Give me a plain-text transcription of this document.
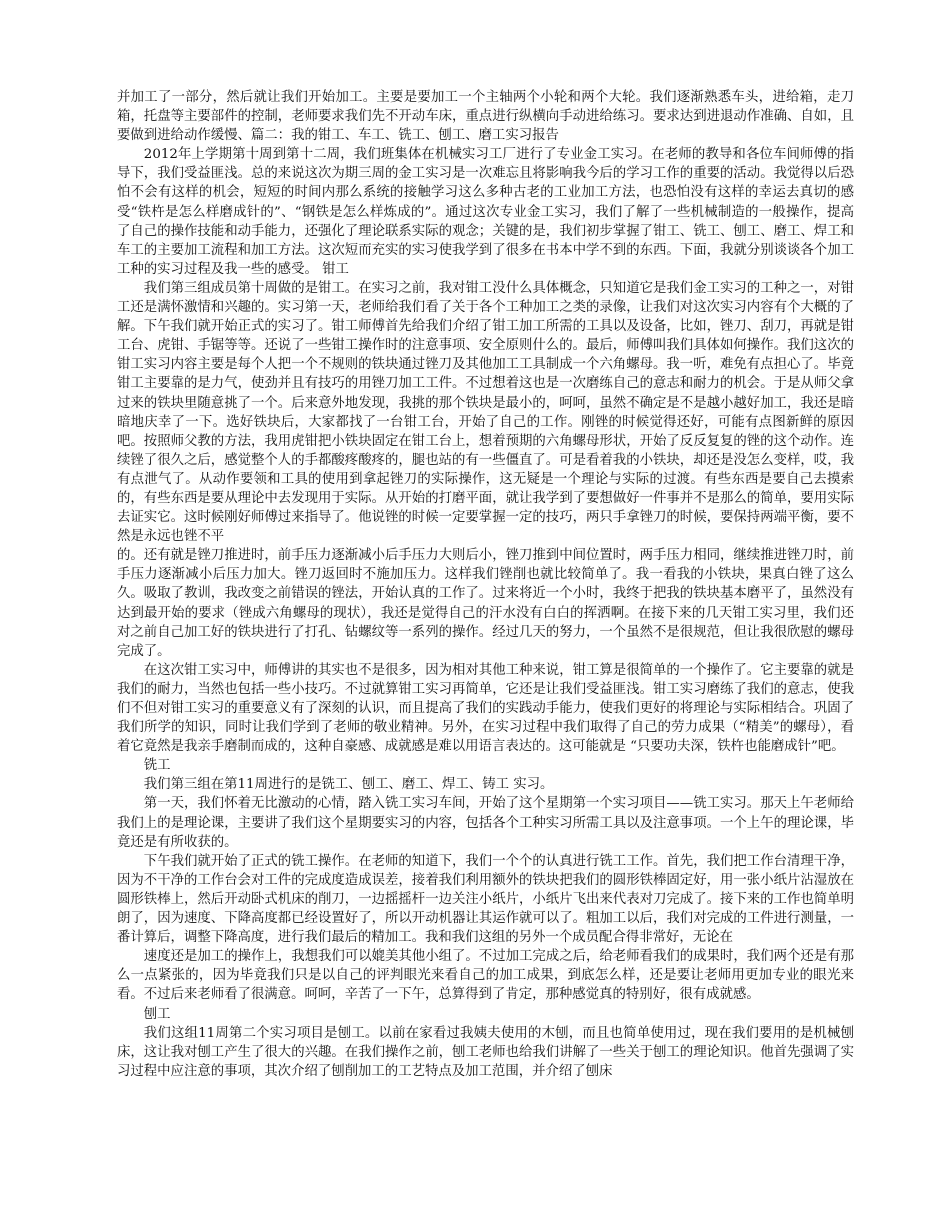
并加工了一部分，然后就让我们开始加工。主要是要加工一个主轴两个小轮和两个大轮。我们逐渐熟悉车头，进给箱，走刀箱，托盘等主要部件的控制，老师要求我们先不开动车床，重点进行纵横向手动进给练习。要求达到进退动作准确、自如，且要做到进给动作缓慢、篇二：我的钳工、车工、铣工、刨工、磨工实习报告

2012年上学期第十周到第十二周，我们班集体在机械实习工厂进行了专业金工实习。在老师的教导和各位车间师傅的指导下，我们受益匪浅。总的来说这次为期三周的金工实习是一次难忘且将影响我今后的学习工作的重要的活动。我觉得以后恐怕不会有这样的机会，短短的时间内那么系统的接触学习这么多种古老的工业加工方法，也恐怕没有这样的幸运去真切的感受“铁杵是怎么样磨成针的”、“钢铁是怎么样炼成的”。通过这次专业金工实习，我们了解了一些机械制造的一般操作，提高了自己的操作技能和动手能力，还强化了理论联系实际的观念；关键的是，我们初步掌握了钳工、铣工、刨工、磨工、焊工和车工的主要加工流程和加工方法。这次短而充实的实习使我学到了很多在书本中学不到的东西。下面，我就分别谈谈各个加工工种的实习过程及我一些的感受。 钳工

我们第三组成员第十周做的是钳工。在实习之前，我对钳工没什么具体概念，只知道它是我们金工实习的工种之一，对钳工还是满怀激情和兴趣的。实习第一天，老师给我们看了关于各个工种加工之类的录像，让我们对这次实习内容有个大概的了解。下午我们就开始正式的实习了。钳工师傅首先给我们介绍了钳工加工所需的工具以及设备，比如，锉刀、刮刀，再就是钳工台、虎钳、手锯等等。还说了一些钳工操作时的注意事项、安全原则什么的。最后，师傅叫我们具体如何操作。我们这次的钳工实习内容主要是每个人把一个不规则的铁块通过锉刀及其他加工工具制成一个六角螺母。我一听，难免有点担心了。毕竟钳工主要靠的是力气，使劲并且有技巧的用锉刀加工工件。不过想着这也是一次磨练自己的意志和耐力的机会。于是从师父拿过来的铁块里随意挑了一个。后来意外地发现，我挑的那个铁块是最小的，呵呵，虽然不确定是不是越小越好加工，我还是暗暗地庆幸了一下。选好铁块后，大家都找了一台钳工台，开始了自己的工作。刚锉的时候觉得还好，可能有点图新鲜的原因吧。按照师父教的方法，我用虎钳把小铁块固定在钳工台上，想着预期的六角螺母形状，开始了反反复复的锉的这个动作。连续锉了很久之后，感觉整个人的手都酸疼酸疼的，腿也站的有一些僵直了。可是看着我的小铁块，却还是没怎么变样，哎，我有点泄气了。从动作要领和工具的使用到拿起锉刀的实际操作，这无疑是一个理论与实际的过渡。有些东西是要自己去摸索的，有些东西是要从理论中去发现用于实际。从开始的打磨平面，就让我学到了要想做好一件事并不是那么的简单，要用实际去证实它。这时候刚好师傅过来指导了。他说锉的时候一定要掌握一定的技巧，两只手拿锉刀的时候，要保持两端平衡，要不然是永远也锉不平

的。还有就是锉刀推进时，前手压力逐渐减小后手压力大则后小，锉刀推到中间位置时，两手压力相同，继续推进锉刀时，前手压力逐渐减小后压力加大。锉刀返回时不施加压力。这样我们锉削也就比较简单了。我一看我的小铁块，果真白锉了这么久。吸取了教训，我改变之前错误的锉法，开始认真的工作了。过来将近一个小时，我终于把我的铁块基本磨平了，虽然没有达到最开始的要求（锉成六角螺母的现状），我还是觉得自己的汗水没有白白的挥洒啊。在接下来的几天钳工实习里，我们还对之前自己加工好的铁块进行了打孔、钻螺纹等一系列的操作。经过几天的努力，一个虽然不是很规范，但让我很欣慰的螺母完成了。

在这次钳工实习中，师傅讲的其实也不是很多，因为相对其他工种来说，钳工算是很简单的一个操作了。它主要靠的就是我们的耐力，当然也包括一些小技巧。不过就算钳工实习再简单，它还是让我们受益匪浅。钳工实习磨练了我们的意志，使我们不但对钳工实习的重要意义有了深刻的认识，而且提高了我们的实践动手能力，使我们更好的将理论与实际相结合。巩固了我们所学的知识，同时让我们学到了老师的敬业精神。另外，在实习过程中我们取得了自己的劳力成果（“精美”的螺母），看着它竟然是我亲手磨制而成的，这种自豪感、成就感是难以用语言表达的。这可能就是 “只要功夫深，铁杵也能磨成针”吧。

铣工

我们第三组在第11周进行的是铣工、刨工、磨工、焊工、铸工 实习。

第一天，我们怀着无比激动的心情，踏入铣工实习车间，开始了这个星期第一个实习项目——铣工实习。那天上午老师给我们上的是理论课，主要讲了我们这个星期要实习的内容，包括各个工种实习所需工具以及注意事项。一个上午的理论课，毕竟还是有所收获的。

下午我们就开始了正式的铣工操作。在老师的知道下，我们一个个的认真进行铣工工作。首先，我们把工作台清理干净，因为不干净的工作台会对工件的完成度造成误差，接着我们利用额外的铁块把我们的圆形铁棒固定好，用一张小纸片沾湿放在圆形铁棒上，然后开动卧式机床的削刀，一边摇摇杆一边关注小纸片，小纸片飞出来代表对刀完成了。接下来的工作也简单明朗了，因为速度、下降高度都已经设置好了，所以开动机器让其运作就可以了。粗加工以后，我们对完成的工件进行测量，一番计算后，调整下降高度，进行我们最后的精加工。我和我们这组的另外一个成员配合得非常好，无论在

速度还是加工的操作上，我想我们可以媲美其他小组了。不过加工完成之后，给老师看我们的成果时，我们两个还是有那么一点紧张的，因为毕竟我们只是以自己的评判眼光来看自己的加工成果，到底怎么样，还是要让老师用更加专业的眼光来看。不过后来老师看了很满意。呵呵，辛苦了一下午，总算得到了肯定，那种感觉真的特别好，很有成就感。

刨工

我们这组11周第二个实习项目是刨工。以前在家看过我姨夫使用的木刨，而且也简单使用过，现在我们要用的是机械刨床，这让我对刨工产生了很大的兴趣。在我们操作之前，刨工老师也给我们讲解了一些关于刨工的理论知识。他首先强调了实习过程中应注意的事项，其次介绍了刨削加工的工艺特点及加工范围，并介绍了刨床
